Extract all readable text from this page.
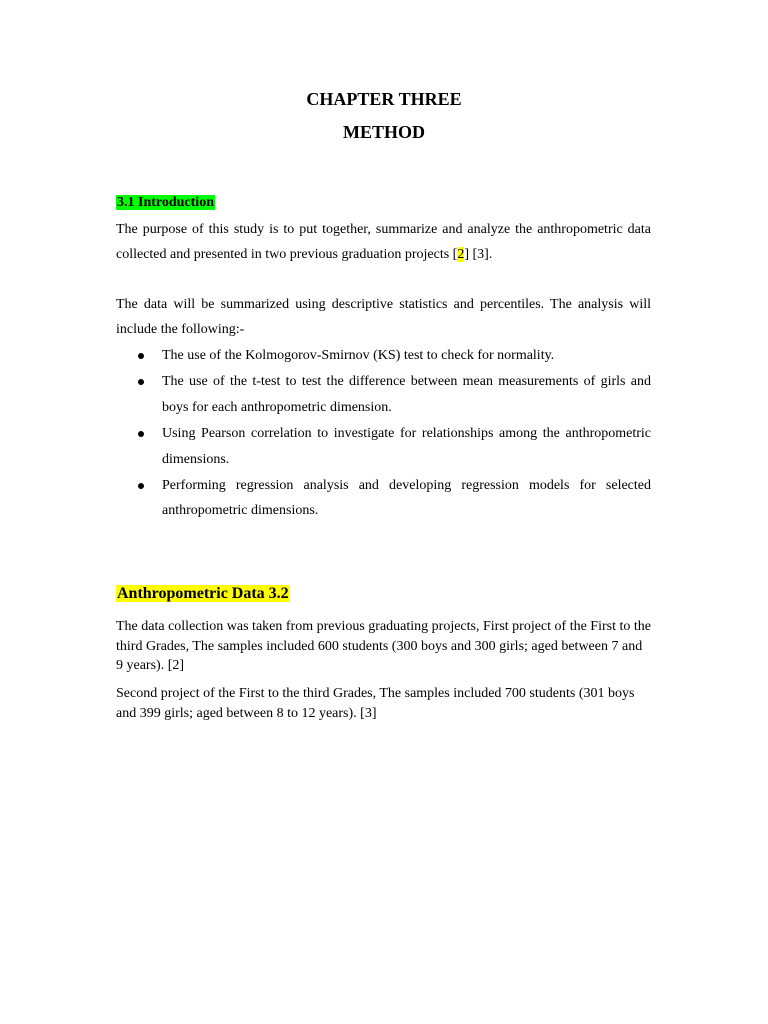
CHAPTER THREE
METHOD
3.1 Introduction

The purpose of this study is to put together, summarize and analyze the anthropometric data collected and presented in two previous graduation projects [2] [3].

The data will be summarized using descriptive statistics and percentiles. The analysis will include the following:-

The use of the Kolmogorov-Smirnov (KS) test to check for normality.
The use of the t-test to test the difference between mean measurements of girls and boys for each anthropometric dimension.
Using Pearson correlation to investigate for relationships among the anthropometric dimensions.
Performing regression analysis and developing regression models for selected anthropometric dimensions.
Anthropometric Data 3.2

The data collection was taken from previous graduating projects, First project of the First to the third Grades, The samples included 600 students (300 boys and 300 girls; aged between 7 and 9 years). [2]

Second project of the First to the third Grades, The samples included 700 students (301 boys and 399 girls; aged between 8 to 12 years). [3]
